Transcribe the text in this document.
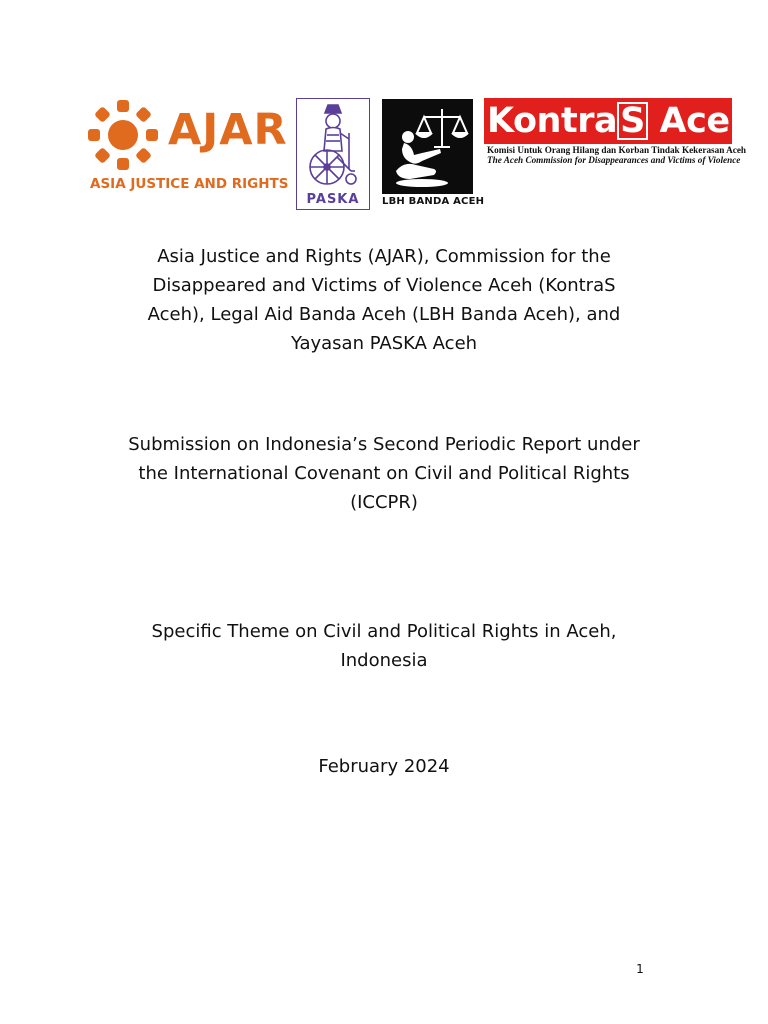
AJAR
ASIA JUSTICE AND RIGHTS
PASKA	LBH BANDA ACEH
KontraS Aceh
Komisi Untuk Orang Hilang dan Korban Tindak Kekerasan Aceh
The Aceh Commission for Disappearances and Victims of Violence
Asia Justice and Rights (AJAR), Commission for the
Disappeared and Victims of Violence Aceh (KontraS
Aceh), Legal Aid Banda Aceh (LBH Banda Aceh), and
Yayasan PASKA Aceh
Submission on Indonesia’s Second Periodic Report under
the International Covenant on Civil and Political Rights
(ICCPR)
Specific Theme on Civil and Political Rights in Aceh,
Indonesia
February 2024
1
